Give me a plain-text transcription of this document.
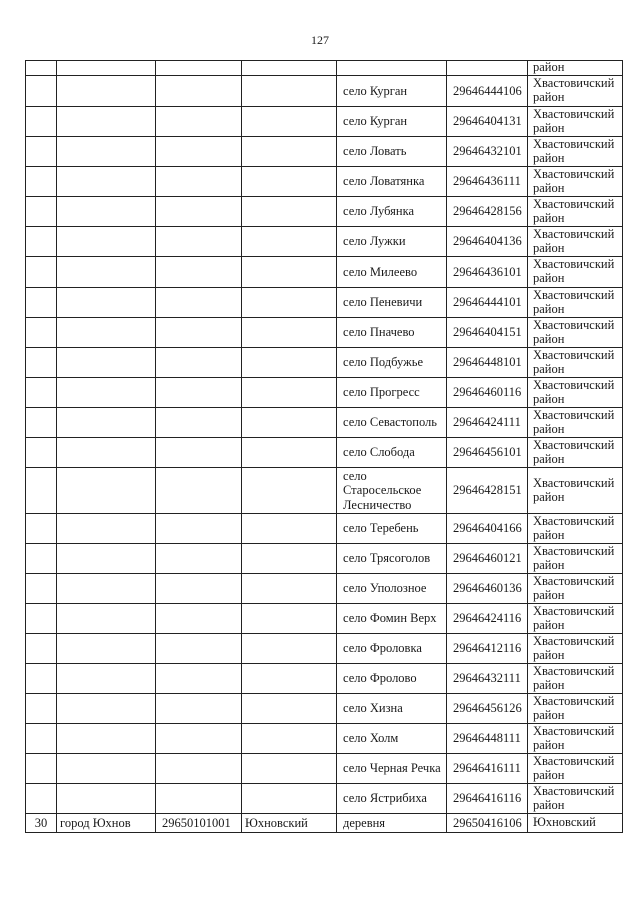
127
						район
				село Курган	29646444106	Хвастовичский район
				село Курган	29646404131	Хвастовичский район
				село Ловать	29646432101	Хвастовичский район
				село Ловатянка	29646436111	Хвастовичский район
				село Лубянка	29646428156	Хвастовичский район
				село Лужки	29646404136	Хвастовичский район
				село Милеево	29646436101	Хвастовичский район
				село Пеневичи	29646444101	Хвастовичский район
				село Пначево	29646404151	Хвастовичский район
				село Подбужье	29646448101	Хвастовичский район
				село Прогресс	29646460116	Хвастовичский район
				село Севастополь	29646424111	Хвастовичский район
				село Слобода	29646456101	Хвастовичский район
				село Старосельское Лесничество	29646428151	Хвастовичский район
				село Теребень	29646404166	Хвастовичский район
				село Трясоголов	29646460121	Хвастовичский район
				село Уполозное	29646460136	Хвастовичский район
				село Фомин Верх	29646424116	Хвастовичский район
				село Фроловка	29646412116	Хвастовичский район
				село Фролово	29646432111	Хвастовичский район
				село Хизна	29646456126	Хвастовичский район
				село Холм	29646448111	Хвастовичский район
				село Черная Речка	29646416111	Хвастовичский район
				село Ястрибиха	29646416116	Хвастовичский район
30	город Юхнов	29650101001	Юхновский	деревня	29650416106	Юхновский
